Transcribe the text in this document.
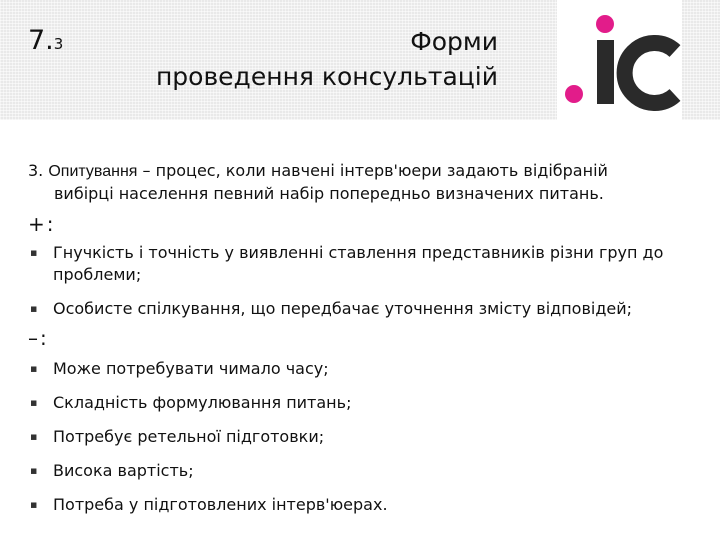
7.3	Форми
проведення консультацій
3. Опитування – процес, коли навчені інтерв'юери задають відібраній
вибірці населення певний набір попередньо визначених питань.
+:
▪ Гнучкість і точність у виявленні ставлення представників різни груп до проблеми;
▪ Особисте спілкування, що передбачає уточнення змісту відповідей;
–:
▪ Може потребувати чимало часу;
▪ Складність формулювання питань;
▪ Потребує ретельної підготовки;
▪ Висока вартість;
▪ Потреба у підготовлених інтерв'юерах.
